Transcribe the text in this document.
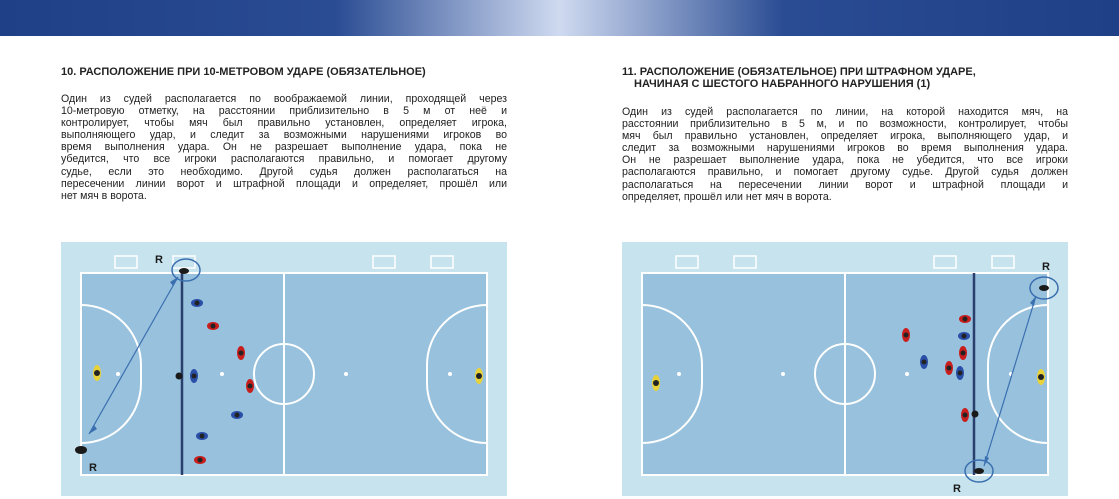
10. РАСПОЛОЖЕНИЕ ПРИ 10-МЕТРОВОМ УДАРЕ (ОБЯЗАТЕЛЬНОЕ)
Один из судей располагается по воображаемой линии, проходящей через
10-метровую отметку, на расстоянии приблизительно в 5 м от неё и
контролирует, чтобы мяч был правильно установлен, определяет игрока,
выполняющего удар, и следит за возможными нарушениями игроков во
время выполнения удара. Он не разрешает выполнение удара, пока не
убедится, что все игроки располагаются правильно, и помогает другому
судье, если это необходимо. Другой судья должен располагаться на
пересечении линии ворот и штрафной площади и определяет, прошёл или
нет мяч в ворота.
11. РАСПОЛОЖЕНИЕ (ОБЯЗАТЕЛЬНОЕ) ПРИ ШТРАФНОМ УДАРЕ,
НАЧИНАЯ С ШЕСТОГО НАБРАННОГО НАРУШЕНИЯ (1)
Один из судей располагается по линии, на которой находится мяч, на
расстоянии приблизительно в 5 м, и по возможности, контролирует, чтобы
мяч был правильно установлен, определяет игрока, выполняющего удар, и
следит за возможными нарушениями игроков во время выполнения удара.
Он не разрешает выполнение удара, пока не убедится, что все игроки
располагаются правильно, и помогает другому судье. Другой судья должен
располагаться на пересечении линии ворот и штрафной площади и
определяет, прошёл или нет мяч в ворота.
R
R
R
R
